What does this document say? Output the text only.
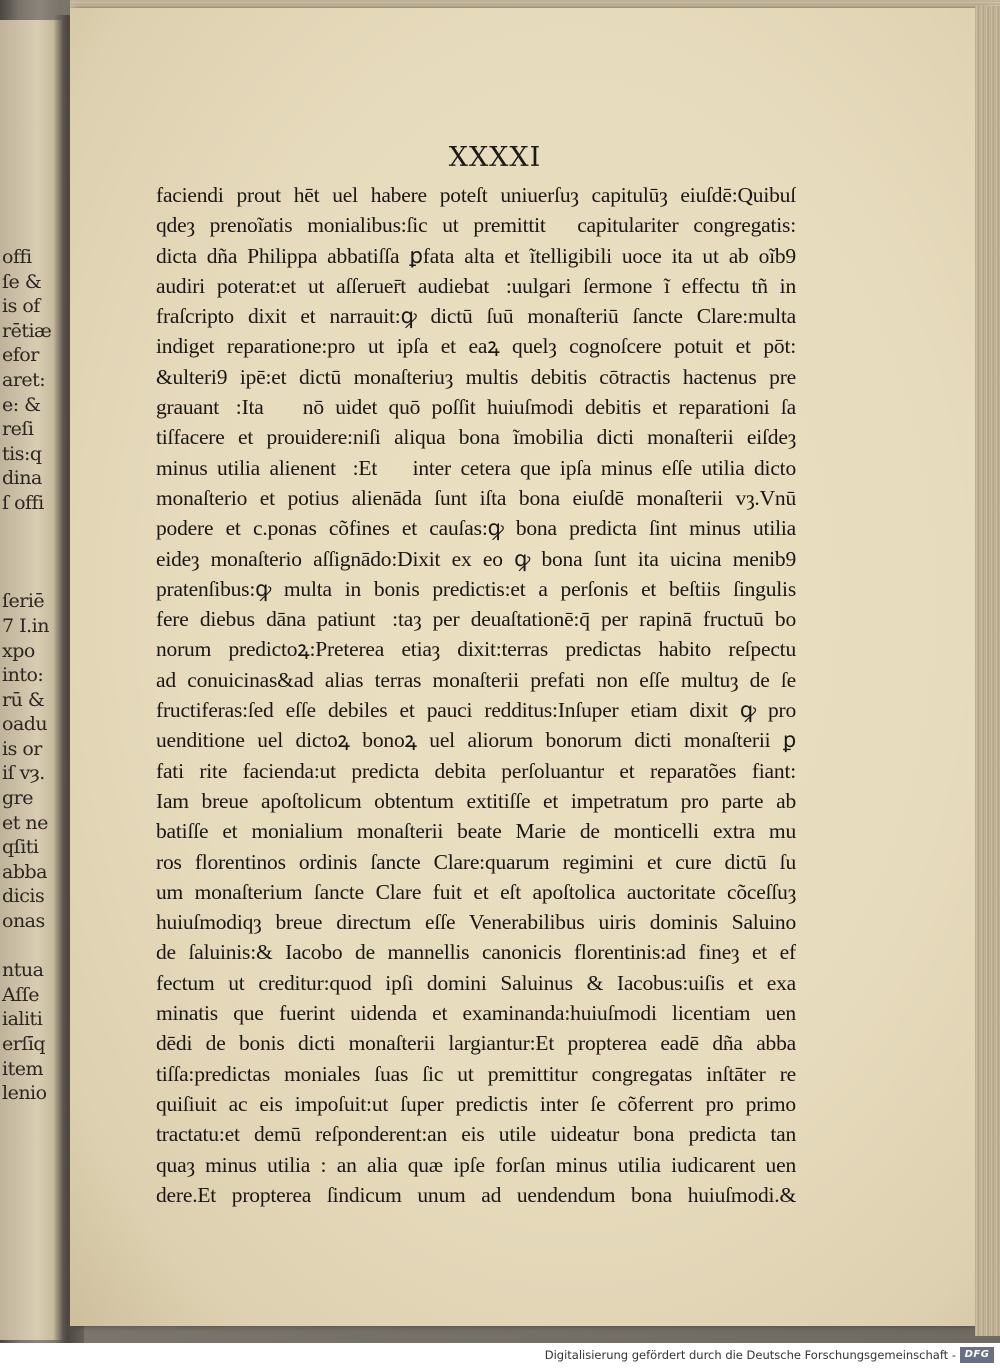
offi
ſe &
is of
rētiæ
efor
aret:
e: &
reſi
tis:q
dina
ſ offi
ſeriē
7 I.in
xpo
into:
rū &
oadu
is or
iſ vȝ.
gre
et ne
qſiti
abba
dicis
onas
ntua
Aſſe
ialiti
erſīq
item
lenio
XXXXI
faciendi prout hēt uel habere poteſt uniuerſuȝ capitulūȝ eiuſdē:Quibuſ
qdeȝ prenoĩatis monialibus:ſic ut premittit᷑ capitulariter congregatis:
dicta dña Philippa abbatiſſa ꝑfata alta et ĩtelligibili uoce ita ut ab oĩb9
audiri poterat:et ut aſſeruer̄t audiebat᷑:uulgari ſermone ĩ effectu tñ in
fraſcripto dixit et narrauit:ꝙ dictū ſuū monaſteriū ſancte Clare:multa
indiget reparatione:pro ut ipſa et eaꝝ quelȝ cognoſcere potuit et pōt:
&ulteri9 ipē:et dictū monaſteriuȝ multis debitis cōtractis hactenus pre
grauant᷑:Ita ꝙ nō uidet quō poſſit huiuſmodi debitis et reparationi ſa
tiſfacere et prouidere:niſi aliqua bona ĩmobilia dicti monaſterii eiſdeȝ
minus utilia alienent᷑:Et ꝙ inter cetera que ipſa minus eſſe utilia dicto
monaſterio et potius alienāda ſunt iſta bona eiuſdē monaſterii vȝ.Vnū
podere et c.ponas cõfines et cauſas:ꝙ bona predicta ſint minus utilia
eideȝ monaſterio aſſignādo:Dixit ex eo ꝙ bona ſunt ita uicina menib9
pratenſibus:ꝙ multa in bonis predictis:et a perſonis et beſtiis ſingulis
fere diebus dāna patiunt᷑:taȝ per deuaſtationē:q̄ per rapinā fructuū bo
norum predictoꝝ:Preterea etiaȝ dixit:terras predictas habito reſpectu
ad conuicinas&ad alias terras monaſterii prefati non eſſe multuȝ de ſe
fructiferas:ſed eſſe debiles et pauci redditus:Inſuper etiam dixit ꝙ pro
uenditione uel dictoꝝ bonoꝝ uel aliorum bonorum dicti monaſterii ꝑ
fati rite facienda:ut predicta debita perſoluantur et reparatões fiant:
Iam breue apoſtolicum obtentum extitiſſe et impetratum pro parte ab
batiſſe et monialium monaſterii beate Marie de monticelli extra mu
ros florentinos ordinis ſancte Clare:quarum regimini et cure dictū ſu
um monaſterium ſancte Clare fuit et eſt apoſtolica auctoritate cõceſſuȝ
huiuſmodiqȝ breue directum eſſe Venerabilibus uiris dominis Saluino
de ſaluinis:& Iacobo de mannellis canonicis florentinis:ad fineȝ et ef
fectum ut creditur:quod ipſi domini Saluinus & Iacobus:uiſis et exa
minatis que fuerint uidenda et examinanda:huiuſmodi licentiam uen
dēdi de bonis dicti monaſterii largiantur:Et propterea eadē dña abba
tiſſa:predictas moniales ſuas ſic ut premittitur congregatas inſtāter re
quiſiuit ac eis impoſuit:ut ſuper predictis inter ſe cõferrent pro primo
tractatu:et demū reſponderent:an eis utile uideatur bona predicta tan
quaȝ minus utilia : an alia quæ ipſe forſan minus utilia iudicarent uen
dere.Et propterea ſindicum unum ad uendendum bona huiuſmodi.&
Digitalisierung gefördert durch die Deutsche Forschungsgemeinschaft - DFG
